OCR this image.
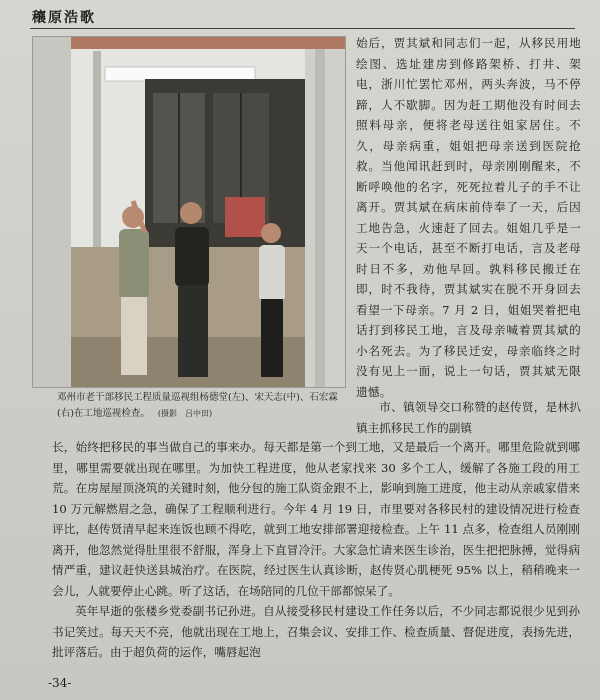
穰原浩歌
邓州市老干部移民工程质量巡视组杨德堂(左)、宋天志(中)、石宏霖(右)在工地巡视检查。 (摄影　吕中田)
始后，贾其斌和同志们一起，从移民用地绘图、选址建房到修路架桥、打井、架电，浙川忙罢忙邓州，两头奔波，马不停蹄，人不歇脚。因为赶工期他没有时间去照料母亲，便将老母送往姐家居住。不久，母亲病重，姐姐把母亲送到医院抢救。当他闻讯赶到时，母亲刚刚醒来，不断呼唤他的名字，死死拉着儿子的手不让离开。贾其斌在病床前侍奉了一天，后因工地告急，火速赶了回去。姐姐几乎是一天一个电话，甚至不断打电话，言及老母时日不多，劝他早回。孰料移民搬迁在即，时不我待，贾其斌实在脱不开身回去看望一下母亲。7 月 2 日，姐姐哭着把电话打到移民工地，言及母亲喊着贾其斌的小名死去。为了移民迁安，母亲临终之时没有见上一面，说上一句话，贾其斌无限遗憾。
市、镇领导交口称赞的赵传贤，是林扒镇主抓移民工作的副镇

长，始终把移民的事当做自己的事来办。每天都是第一个到工地，又是最后一个离开。哪里危险就到哪里，哪里需要就出现在哪里。为加快工程进度，他从老家找来 30 多个工人，缓解了各施工段的用工荒。在房屋屋顶浇筑的关键时刻，他分包的施工队资金跟不上，影响到施工进度，他主动从亲戚家借来 10 万元解燃眉之急，确保了工程顺利进行。今年 4 月 19 日，市里要对各移民村的建设情况进行检查评比，赵传贤清早起来连饭也顾不得吃，就到工地安排部署迎接检查。上午 11 点多，检查组人员刚刚离开，他忽然觉得肚里很不舒服，浑身上下直冒冷汗。大家急忙请来医生诊治，医生把把脉搏，觉得病情严重，建议赶快送县城治疗。在医院，经过医生认真诊断，赵传贤心肌梗死 95% 以上，稍稍晚来一会儿，人就要停止心跳。听了这话，在场陪同的几位干部都惊呆了。

英年早逝的张楼乡党委副书记孙进。自从接受移民村建设工作任务以后，不少同志都说很少见到孙书记笑过。每天天不亮，他就出现在工地上，召集会议、安排工作、检查质量、督促进度，表扬先进，批评落后。由于超负荷的运作，嘴唇起泡

-34-
